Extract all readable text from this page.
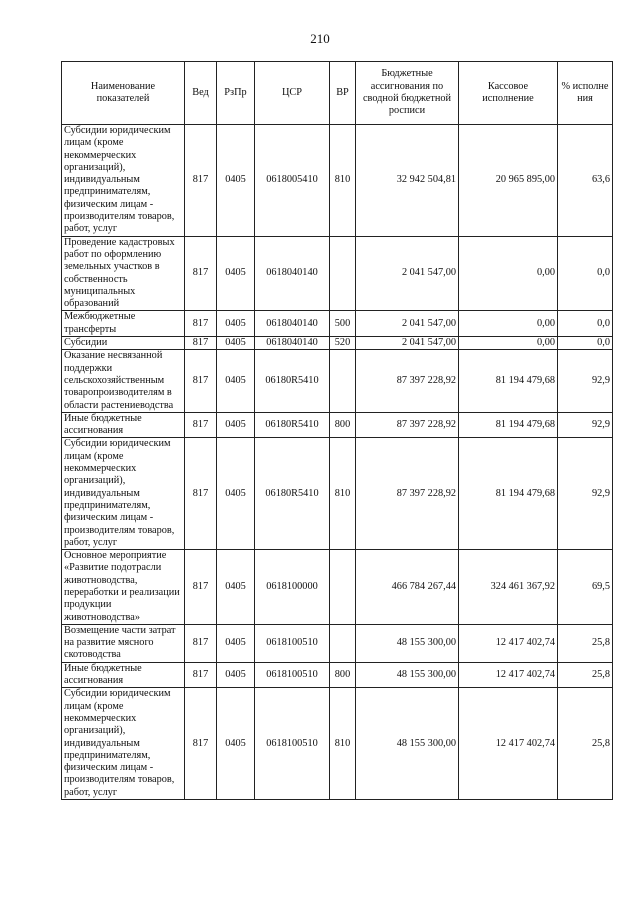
210
Наименование показателей	Вед	РзПр	ЦСР	ВР	Бюджетные ассигнования по сводной бюджетной росписи	Кассовое исполнение	% исполне ния
Субсидии юридическим лицам (кроме некоммерческих организаций), индивидуальным предпринимателям, физическим лицам - производителям товаров, работ, услуг	817	0405	0618005410	810	32 942 504,81	20 965 895,00	63,6
Проведение кадастровых работ по оформлению земельных участков в собственность муниципальных образований	817	0405	0618040140		2 041 547,00	0,00	0,0
Межбюджетные трансферты	817	0405	0618040140	500	2 041 547,00	0,00	0,0
Субсидии	817	0405	0618040140	520	2 041 547,00	0,00	0,0
Оказание несвязанной поддержки сельскохозяйственным товаропроизводителям в области растениеводства	817	0405	06180R5410		87 397 228,92	81 194 479,68	92,9
Иные бюджетные ассигнования	817	0405	06180R5410	800	87 397 228,92	81 194 479,68	92,9
Субсидии юридическим лицам (кроме некоммерческих организаций), индивидуальным предпринимателям, физическим лицам - производителям товаров, работ, услуг	817	0405	06180R5410	810	87 397 228,92	81 194 479,68	92,9
Основное мероприятие «Развитие подотрасли животноводства, переработки и реализации продукции животноводства»	817	0405	0618100000		466 784 267,44	324 461 367,92	69,5
Возмещение части затрат на развитие мясного скотоводства	817	0405	0618100510		48 155 300,00	12 417 402,74	25,8
Иные бюджетные ассигнования	817	0405	0618100510	800	48 155 300,00	12 417 402,74	25,8
Субсидии юридическим лицам (кроме некоммерческих организаций), индивидуальным предпринимателям, физическим лицам - производителям товаров, работ, услуг	817	0405	0618100510	810	48 155 300,00	12 417 402,74	25,8
